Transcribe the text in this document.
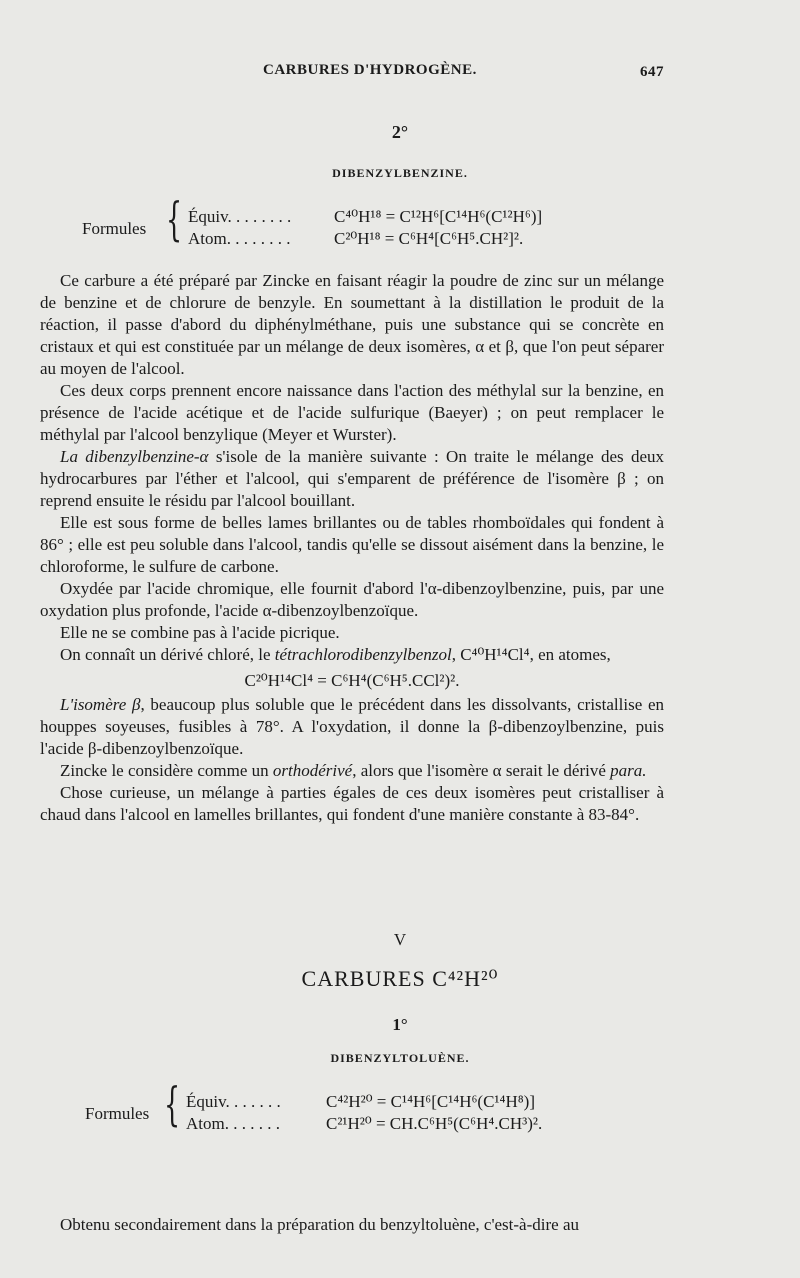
CARBURES D'HYDROGÈNE.	647
2°
DIBENZYLBENZINE.
Formules { Équiv. . . . . . . .	C⁴⁰H¹⁸ = C¹²H⁶[C¹⁴H⁶(C¹²H⁶)]
Atom. . . . . . . .	C²⁰H¹⁸ = C⁶H⁴[C⁶H⁵.CH²]².

Ce carbure a été préparé par Zincke en faisant réagir la poudre de zinc sur un mélange de benzine et de chlorure de benzyle. En soumettant à la distillation le produit de la réaction, il passe d'abord du diphénylméthane, puis une substance qui se concrète en cristaux et qui est constituée par un mélange de deux isomères, α et β, que l'on peut séparer au moyen de l'alcool.

Ces deux corps prennent encore naissance dans l'action des méthylal sur la benzine, en présence de l'acide acétique et de l'acide sulfurique (Baeyer) ; on peut remplacer le méthylal par l'alcool benzylique (Meyer et Wurster).

La dibenzylbenzine-α s'isole de la manière suivante : On traite le mélange des deux hydrocarbures par l'éther et l'alcool, qui s'emparent de préférence de l'isomère β ; on reprend ensuite le résidu par l'alcool bouillant.

Elle est sous forme de belles lames brillantes ou de tables rhomboïdales qui fondent à 86° ; elle est peu soluble dans l'alcool, tandis qu'elle se dissout aisément dans la benzine, le chloroforme, le sulfure de carbone.

Oxydée par l'acide chromique, elle fournit d'abord l'α-dibenzoylbenzine, puis, par une oxydation plus profonde, l'acide α-dibenzoylbenzoïque.

Elle ne se combine pas à l'acide picrique.

On connaît un dérivé chloré, le tétrachlorodibenzylbenzol, C⁴⁰H¹⁴Cl⁴, en atomes,

C²⁰H¹⁴Cl⁴ = C⁶H⁴(C⁶H⁵.CCl²)².

L'isomère β, beaucoup plus soluble que le précédent dans les dissolvants, cristallise en houppes soyeuses, fusibles à 78°. A l'oxydation, il donne la β-dibenzoylbenzine, puis l'acide β-dibenzoylbenzoïque.

Zincke le considère comme un orthodérivé, alors que l'isomère α serait le dérivé para.

Chose curieuse, un mélange à parties égales de ces deux isomères peut cristalliser à chaud dans l'alcool en lamelles brillantes, qui fondent d'une manière constante à 83-84°.

V
CARBURES C⁴²H²⁰
1°
DIBENZYLTOLUÈNE.
Formules { Équiv. . . . . . .	C⁴²H²⁰ = C¹⁴H⁶[C¹⁴H⁶(C¹⁴H⁸)]
Atom. . . . . . .	C²¹H²⁰ = CH.C⁶H⁵(C⁶H⁴.CH³)².
Obtenu secondairement dans la préparation du benzyltoluène, c'est-à-dire au
